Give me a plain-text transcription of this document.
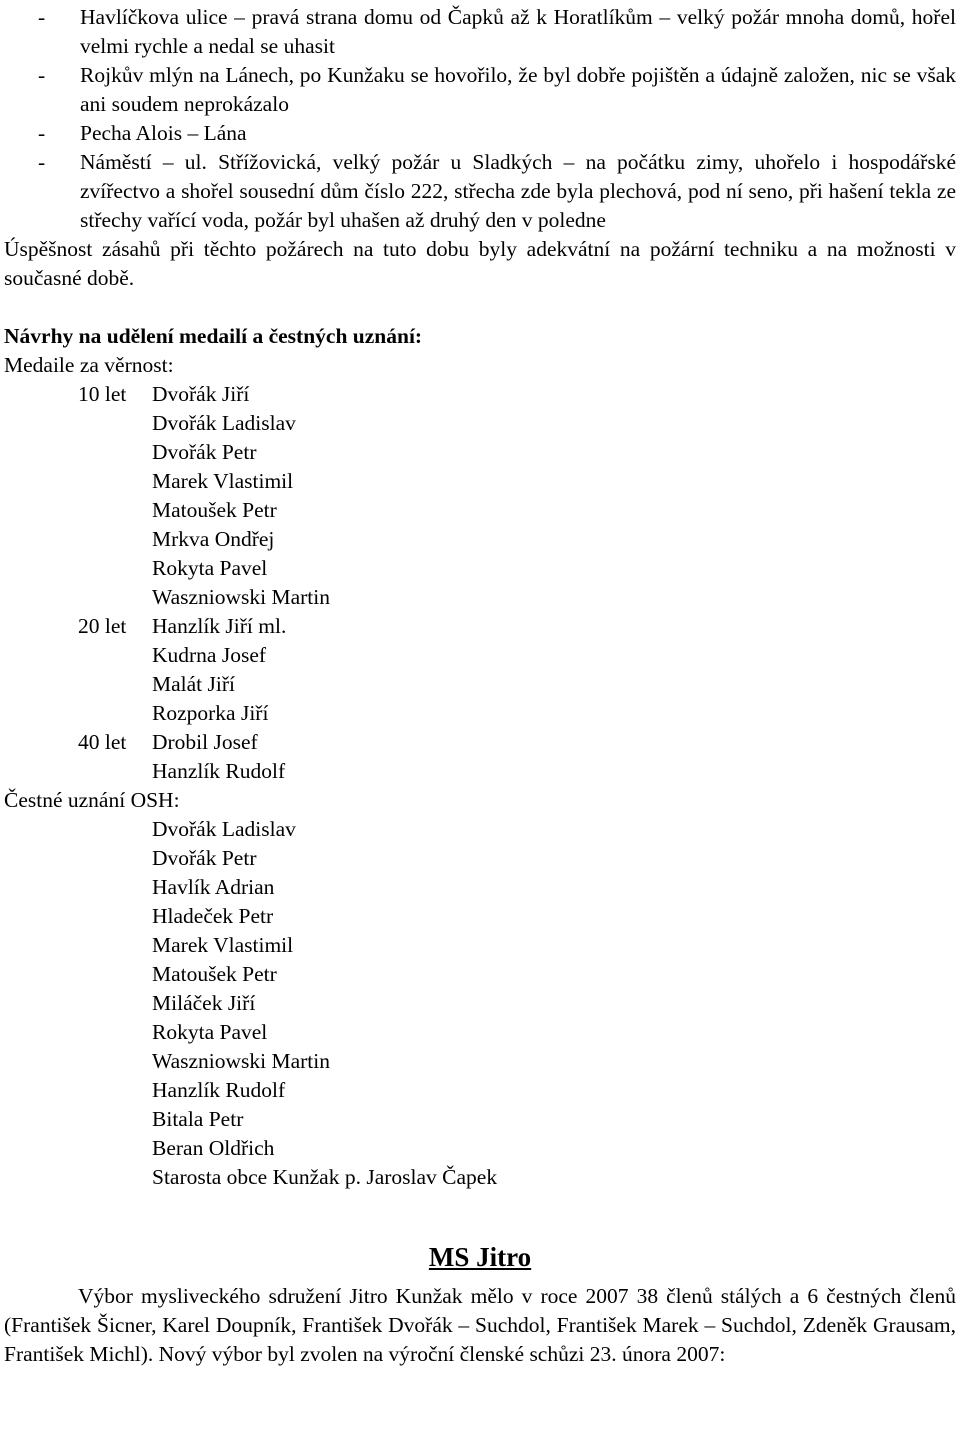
- Havlíčkova ulice – pravá strana domu od Čapků až k Horatlíkům – velký požár mnoha domů, hořel velmi rychle a nedal se uhasit
- Rojkův mlýn na Lánech, po Kunžaku se hovořilo, že byl dobře pojištěn a údajně založen, nic se však ani soudem neprokázalo
- Pecha Alois – Lána
- Náměstí – ul. Střížovická, velký požár u Sladkých – na počátku zimy, uhořelo i hospodářské zvířectvo a shořel sousední dům číslo 222, střecha zde byla plechová, pod ní seno, při hašení tekla ze střechy vařící voda, požár byl uhašen až druhý den v poledne

Úspěšnost zásahů při těchto požárech na tuto dobu byly adekvátní na požární techniku a na možnosti v současné době.

Návrhy na udělení medailí a čestných uznání:
Medaile za věrnost:
10 let Dvořák Jiří
Dvořák Ladislav
Dvořák Petr
Marek Vlastimil
Matoušek Petr
Mrkva Ondřej
Rokyta Pavel
Waszniowski Martin
20 let Hanzlík Jiří ml.
Kudrna Josef
Malát Jiří
Rozporka Jiří
40 let Drobil Josef
Hanzlík Rudolf
Čestné uznání OSH:
Dvořák Ladislav
Dvořák Petr
Havlík Adrian
Hladeček Petr
Marek Vlastimil
Matoušek Petr
Miláček Jiří
Rokyta Pavel
Waszniowski Martin
Hanzlík Rudolf
Bitala Petr
Beran Oldřich
Starosta obce Kunžak p. Jaroslav Čapek
MS Jitro

Výbor mysliveckého sdružení Jitro Kunžak mělo v roce 2007 38 členů stálých a 6 čestných členů (František Šicner, Karel Doupník, František Dvořák – Suchdol, František Marek – Suchdol, Zdeněk Grausam, František Michl). Nový výbor byl zvolen na výroční členské schůzi 23. února 2007:
